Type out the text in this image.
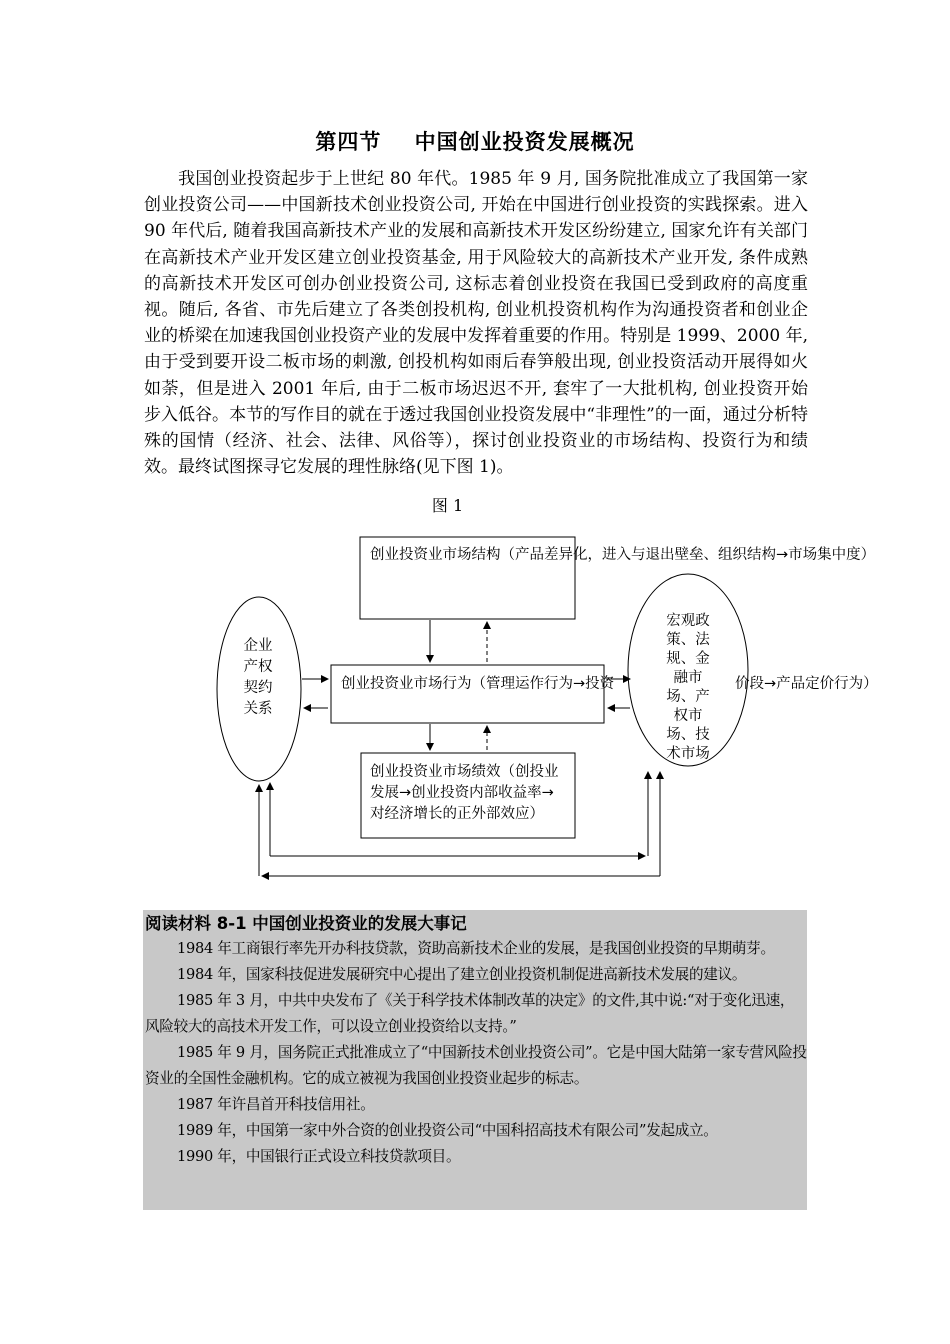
第四节    中国创业投资发展概况

我国创业投资起步于上世纪 80 年代。1985 年 9 月, 国务院批准成立了我国第一家创业投资公司——中国新技术创业投资公司, 开始在中国进行创业投资的实践探索。进入 90 年代后, 随着我国高新技术产业的发展和高新技术开发区纷纷建立, 国家允许有关部门在高新技术产业开发区建立创业投资基金, 用于风险较大的高新技术产业开发, 条件成熟的高新技术开发区可创办创业投资公司, 这标志着创业投资在我国已受到政府的高度重视。随后, 各省、市先后建立了各类创投机构, 创业机投资机构作为沟通投资者和创业企业的桥梁在加速我国创业投资产业的发展中发挥着重要的作用。特别是 1999、2000 年, 由于受到要开设二板市场的刺激, 创投机构如雨后春笋般出现, 创业投资活动开展得如火如荼，但是进入 2001 年后, 由于二板市场迟迟不开, 套牢了一大批机构, 创业投资开始步入低谷。本节的写作目的就在于透过我国创业投资发展中“非理性”的一面，通过分析特殊的国情（经济、社会、法律、风俗等），探讨创业投资业的市场结构、投资行为和绩效。最终试图探寻它发展的理性脉络(见下图 1)。

图 1
创业投资业市场结构（产品差异化，进入与退出壁垒、组织结构→市场集中度）
创业投资业市场行为（管理运作行为→投资	价段→产品定价行为）
创业投资业市场绩效（创投业发展→创业投资内部收益率→对经济增长的正外部效应）
企业产权契约关系
宏观政策、法规、金融市场、产权市场、技术市场
阅读材料 8-1 中国创业投资业的发展大事记

1984 年工商银行率先开办科技贷款，资助高新技术企业的发展，是我国创业投资的早期萌芽。

1984 年，国家科技促进发展研究中心提出了建立创业投资机制促进高新技术发展的建议。

1985 年 3 月，中共中央发布了《关于科学技术体制改革的决定》的文件,其中说:“对于变化迅速，风险较大的高技术开发工作，可以设立创业投资给以支持。”

1985 年 9 月，国务院正式批准成立了“中国新技术创业投资公司”。它是中国大陆第一家专营风险投资业的全国性金融机构。它的成立被视为我国创业投资业起步的标志。

1987 年许昌首开科技信用社。

1989 年，中国第一家中外合资的创业投资公司“中国科招高技术有限公司”发起成立。

1990 年，中国银行正式设立科技贷款项目。
